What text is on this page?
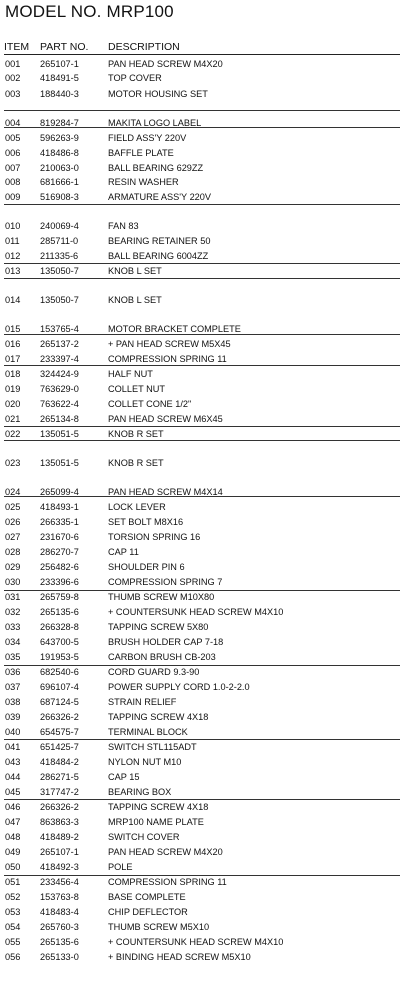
MODEL NO. MRP100
ITEM PART NO. DESCRIPTION
001 265107-1	PAN HEAD SCREW M4X20
002 418491-5	TOP COVER
003 188440-3	MOTOR HOUSING SET
004 819284-7	MAKITA LOGO LABEL
005 596263-9	FIELD ASS'Y 220V
006 418486-8	BAFFLE PLATE
007 210063-0	BALL BEARING 629ZZ
008 681666-1	RESIN WASHER
009 516908-3	ARMATURE ASS'Y 220V
010 240069-4	FAN 83
011 285711-0	BEARING RETAINER 50
012 211335-6	BALL BEARING 6004ZZ
013 135050-7	KNOB L SET
014 135050-7	KNOB L SET
015 153765-4	MOTOR BRACKET COMPLETE
016 265137-2	+ PAN HEAD SCREW M5X45
017 233397-4	COMPRESSION SPRING 11
018 324424-9	HALF NUT
019 763629-0	COLLET NUT
020 763622-4	COLLET CONE 1/2"
021 265134-8	PAN HEAD SCREW M6X45
022 135051-5	KNOB R SET
023 135051-5	KNOB R SET
024 265099-4	PAN HEAD SCREW M4X14
025 418493-1	LOCK LEVER
026 266335-1	SET BOLT M8X16
027 231670-6	TORSION SPRING 16
028 286270-7	CAP 11
029 256482-6	SHOULDER PIN 6
030 233396-6	COMPRESSION SPRING 7
031 265759-8	THUMB SCREW M10X80
032 265135-6	+ COUNTERSUNK HEAD SCREW M4X10
033 266328-8	TAPPING SCREW 5X80
034 643700-5	BRUSH HOLDER CAP 7-18
035 191953-5	CARBON BRUSH CB-203
036 682540-6	CORD GUARD 9.3-90
037 696107-4	POWER SUPPLY CORD 1.0-2-2.0
038 687124-5	STRAIN RELIEF
039 266326-2	TAPPING SCREW 4X18
040 654575-7	TERMINAL BLOCK
041 651425-7	SWITCH STL115ADT
043 418484-2	NYLON NUT M10
044 286271-5	CAP 15
045 317747-2	BEARING BOX
046 266326-2	TAPPING SCREW 4X18
047 863863-3	MRP100 NAME PLATE
048 418489-2	SWITCH COVER
049 265107-1	PAN HEAD SCREW M4X20
050 418492-3	POLE
051 233456-4	COMPRESSION SPRING 11
052 153763-8	BASE COMPLETE
053 418483-4	CHIP DEFLECTOR
054 265760-3	THUMB SCREW M5X10
055 265135-6	+ COUNTERSUNK HEAD SCREW M4X10
056 265133-0	+ BINDING HEAD SCREW M5X10
